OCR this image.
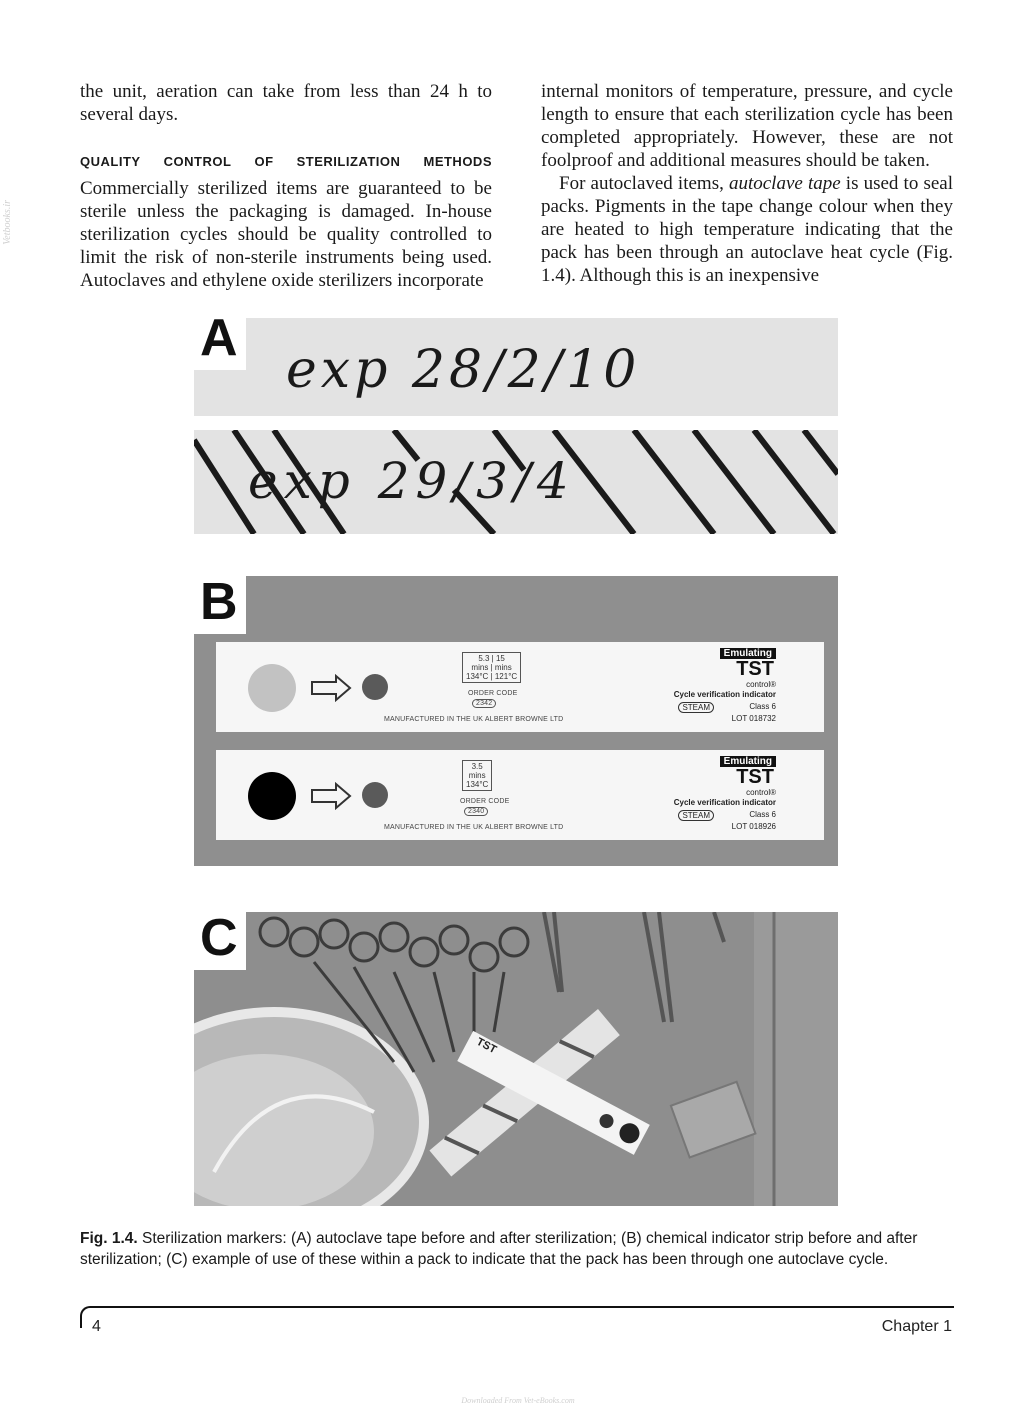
Vetbooks.ir

the unit, aeration can take from less than 24 h to several days.

QUALITY CONTROL OF STERILIZATION METHODS

Commercially sterilized items are guaranteed to be sterile unless the packaging is damaged. In-house sterilization cycles should be quality controlled to limit the risk of non-sterile instruments being used. Autoclaves and ethylene oxide sterilizers incorporate

internal monitors of temperature, pressure, and cycle length to ensure that each sterilization cycle has been completed appropriately. However, these are not foolproof and additional measures should be taken.

For autoclaved items, autoclave tape is used to seal packs. Pigments in the tape change colour when they are heated to high temperature indicating that the pack has been through an autoclave heat cycle (Fig. 1.4). Although this is an inexpensive

exp 28/2/10
exp 29/3/4
A
5.3 | 15
mins | mins
134°C | 121°C
ORDER CODE
2342
MANUFACTURED IN THE UK ALBERT BROWNE LTD
Emulating
TST
control®
Cycle verification indicator
STEAM	Class 6
LOT 018732
3.5
mins
134°C
ORDER CODE
2340
MANUFACTURED IN THE UK ALBERT BROWNE LTD
Emulating
TST
control®
Cycle verification indicator
STEAM	Class 6
LOT 018926
B
TST
C
Fig. 1.4. Sterilization markers: (A) autoclave tape before and after sterilization; (B) chemical indicator strip before and after sterilization; (C) example of use of these within a pack to indicate that the pack has been through one autoclave cycle.
4	Chapter 1
Downloaded From Vet-eBooks.com
